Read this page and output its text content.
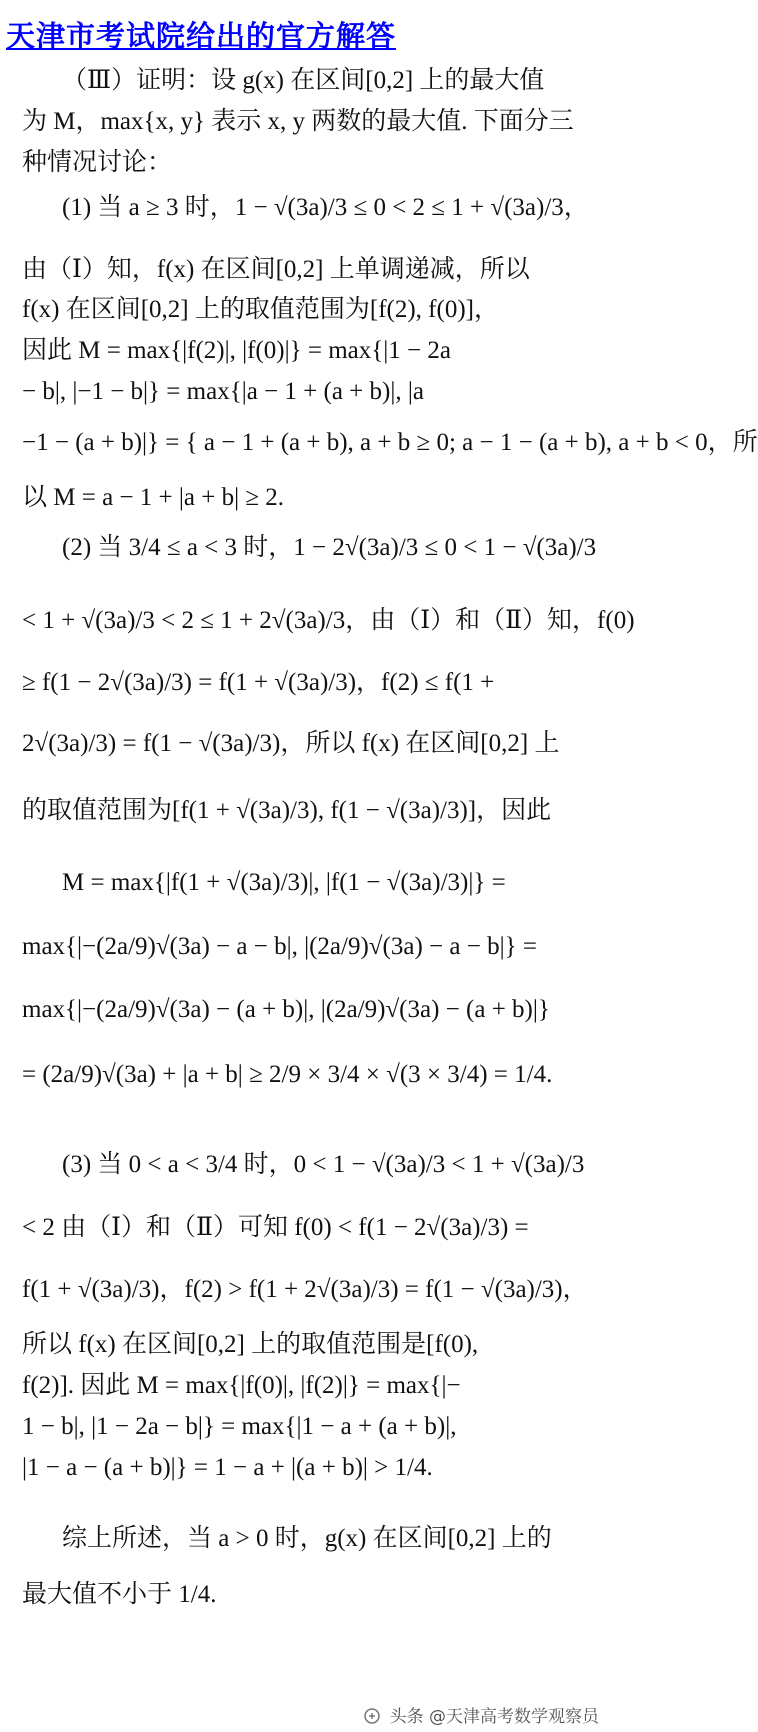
天津市考试院给出的官方解答
（Ⅲ）证明：设 g(x) 在区间[0,2] 上的最大值
为 M，max{x, y} 表示 x, y 两数的最大值. 下面分三
种情况讨论：
(1) 当 a ≥ 3 时，1 − √(3a)/3 ≤ 0 < 2 ≤ 1 + √(3a)/3，
由（Ⅰ）知，f(x) 在区间[0,2] 上单调递减，所以
f(x) 在区间[0,2] 上的取值范围为[f(2), f(0)]，
因此 M = max{|f(2)|, |f(0)|} = max{|1 − 2a
− b|, |−1 − b|} = max{|a − 1 + (a + b)|, |a
−1 − (a + b)|} = { a − 1 + (a + b), a + b ≥ 0; a − 1 − (a + b), a + b < 0，所
以 M = a − 1 + |a + b| ≥ 2.
(2) 当 3/4 ≤ a < 3 时，1 − 2√(3a)/3 ≤ 0 < 1 − √(3a)/3
< 1 + √(3a)/3 < 2 ≤ 1 + 2√(3a)/3，由（Ⅰ）和（Ⅱ）知，f(0)
≥ f(1 − 2√(3a)/3) = f(1 + √(3a)/3)，f(2) ≤ f(1 +
2√(3a)/3) = f(1 − √(3a)/3)，所以 f(x) 在区间[0,2] 上
的取值范围为[f(1 + √(3a)/3), f(1 − √(3a)/3)]，因此
M = max{|f(1 + √(3a)/3)|, |f(1 − √(3a)/3)|} =
max{|−(2a/9)√(3a) − a − b|, |(2a/9)√(3a) − a − b|} =
max{|−(2a/9)√(3a) − (a + b)|, |(2a/9)√(3a) − (a + b)|}
= (2a/9)√(3a) + |a + b| ≥ 2/9 × 3/4 × √(3 × 3/4) = 1/4.
(3) 当 0 < a < 3/4 时，0 < 1 − √(3a)/3 < 1 + √(3a)/3
< 2 由（Ⅰ）和（Ⅱ）可知 f(0) < f(1 − 2√(3a)/3) =
f(1 + √(3a)/3)，f(2) > f(1 + 2√(3a)/3) = f(1 − √(3a)/3)，
所以 f(x) 在区间[0,2] 上的取值范围是[f(0),
f(2)]. 因此 M = max{|f(0)|, |f(2)|} = max{|−
1 − b|, |1 − 2a − b|} = max{|1 − a + (a + b)|,
|1 − a − (a + b)|} = 1 − a + |(a + b)| > 1/4.
综上所述，当 a > 0 时，g(x) 在区间[0,2] 上的
最大值不小于 1/4.
头条 @天津高考数学观察员
